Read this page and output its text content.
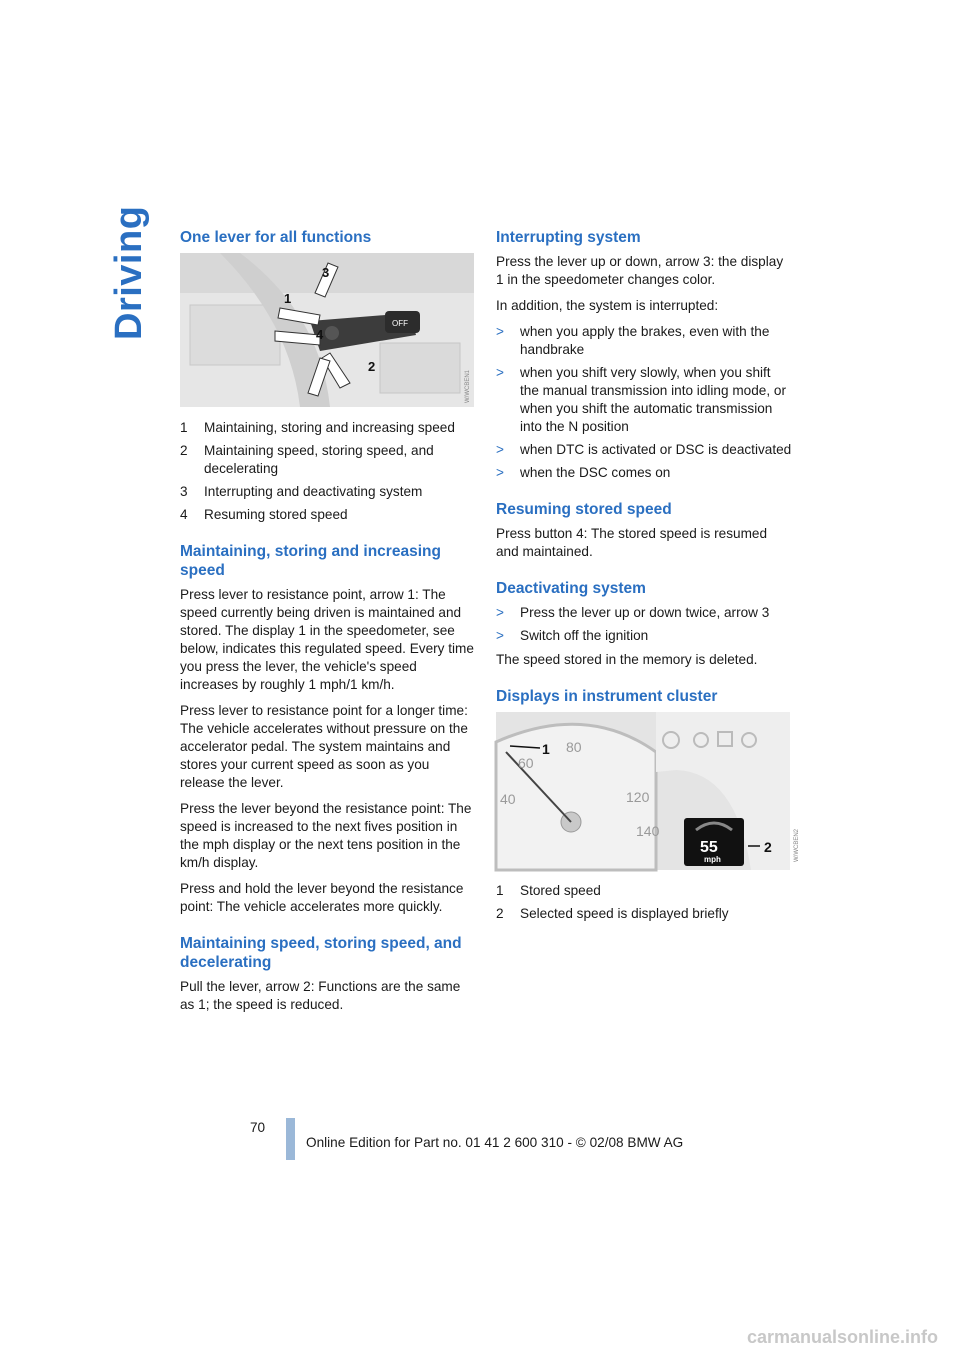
Driving One lever for all functions
OFF
1
2
3
4
W/WCBEN1
1	Maintaining, storing and increasing speed
2	Maintaining speed, storing speed, and decelerating
3	Interrupting and deactivating system
4	Resuming stored speed
Maintaining, storing and increasing speed

Press lever to resistance point, arrow 1: The speed currently being driven is maintained and stored. The display 1 in the speedometer, see below, indicates this regulated speed. Every time you press the lever, the vehicle's speed increases by roughly 1 mph/1 km/h.

Press lever to resistance point for a longer time: The vehicle accelerates without pressure on the accelerator pedal. The system maintains and stores your current speed as soon as you release the lever.

Press the lever beyond the resistance point: The speed is increased to the next fives position in the mph display or the next tens position in the km/h display.

Press and hold the lever beyond the resistance point: The vehicle accelerates more quickly.

Maintaining speed, storing speed, and decelerating

Pull the lever, arrow 2: Functions are the same as 1; the speed is reduced.

Interrupting system

Press the lever up or down, arrow 3: the display 1 in the speedometer changes color.

In addition, the system is interrupted:

>	when you apply the brakes, even with the handbrake
>	when you shift very slowly, when you shift the manual transmission into idling mode, or when you shift the automatic transmission into the N position
>	when DTC is activated or DSC is deactivated
>	when the DSC comes on
Resuming stored speed

Press button 4: The stored speed is resumed and maintained.

Deactivating system
>	Press the lever up or down twice, arrow 3
>	Switch off the ignition

The speed stored in the memory is deleted.

Displays in instrument cluster
60
80
40	120
140
55
mph
1
2	W/WCBEN2
1	Stored speed
2	Selected speed is displayed briefly
70
Online Edition for Part no. 01 41 2 600 310 - © 02/08 BMW AG
carmanualsonline.info
